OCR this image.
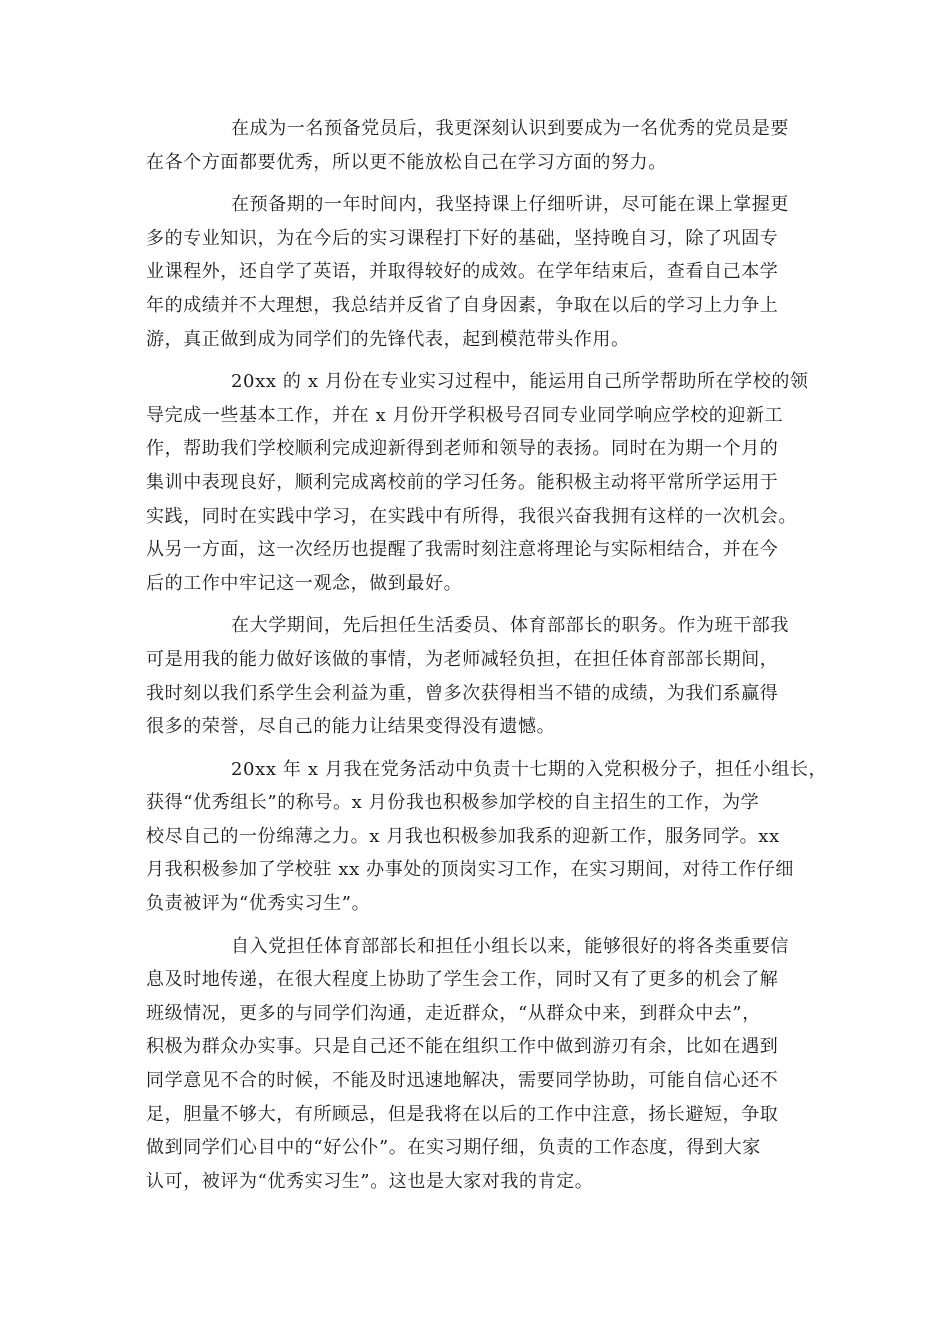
在成为一名预备党员后，我更深刻认识到要成为一名优秀的党员是要
在各个方面都要优秀，所以更不能放松自己在学习方面的努力。
在预备期的一年时间内，我坚持课上仔细听讲，尽可能在课上掌握更
多的专业知识，为在今后的实习课程打下好的基础，坚持晚自习，除了巩固专
业课程外，还自学了英语，并取得较好的成效。在学年结束后，查看自己本学
年的成绩并不大理想，我总结并反省了自身因素，争取在以后的学习上力争上
游，真正做到成为同学们的先锋代表，起到模范带头作用。
20xx 的 x 月份在专业实习过程中，能运用自己所学帮助所在学校的领
导完成一些基本工作，并在 x 月份开学积极号召同专业同学响应学校的迎新工
作，帮助我们学校顺利完成迎新得到老师和领导的表扬。同时在为期一个月的
集训中表现良好，顺利完成离校前的学习任务。能积极主动将平常所学运用于
实践，同时在实践中学习，在实践中有所得，我很兴奋我拥有这样的一次机会。
从另一方面，这一次经历也提醒了我需时刻注意将理论与实际相结合，并在今
后的工作中牢记这一观念，做到最好。
在大学期间，先后担任生活委员、体育部部长的职务。作为班干部我
可是用我的能力做好该做的事情，为老师减轻负担，在担任体育部部长期间，
我时刻以我们系学生会利益为重，曾多次获得相当不错的成绩，为我们系赢得
很多的荣誉，尽自己的能力让结果变得没有遗憾。
20xx 年 x 月我在党务活动中负责十七期的入党积极分子，担任小组长，
获得“优秀组长”的称号。x 月份我也积极参加学校的自主招生的工作，为学
校尽自己的一份绵薄之力。x 月我也积极参加我系的迎新工作，服务同学。xx
月我积极参加了学校驻 xx 办事处的顶岗实习工作，在实习期间，对待工作仔细
负责被评为“优秀实习生”。
自入党担任体育部部长和担任小组长以来，能够很好的将各类重要信
息及时地传递，在很大程度上协助了学生会工作，同时又有了更多的机会了解
班级情况，更多的与同学们沟通，走近群众，“从群众中来，到群众中去”，
积极为群众办实事。只是自己还不能在组织工作中做到游刃有余，比如在遇到
同学意见不合的时候，不能及时迅速地解决，需要同学协助，可能自信心还不
足，胆量不够大，有所顾忌，但是我将在以后的工作中注意，扬长避短，争取
做到同学们心目中的“好公仆”。在实习期仔细，负责的工作态度，得到大家
认可，被评为“优秀实习生”。这也是大家对我的肯定。
